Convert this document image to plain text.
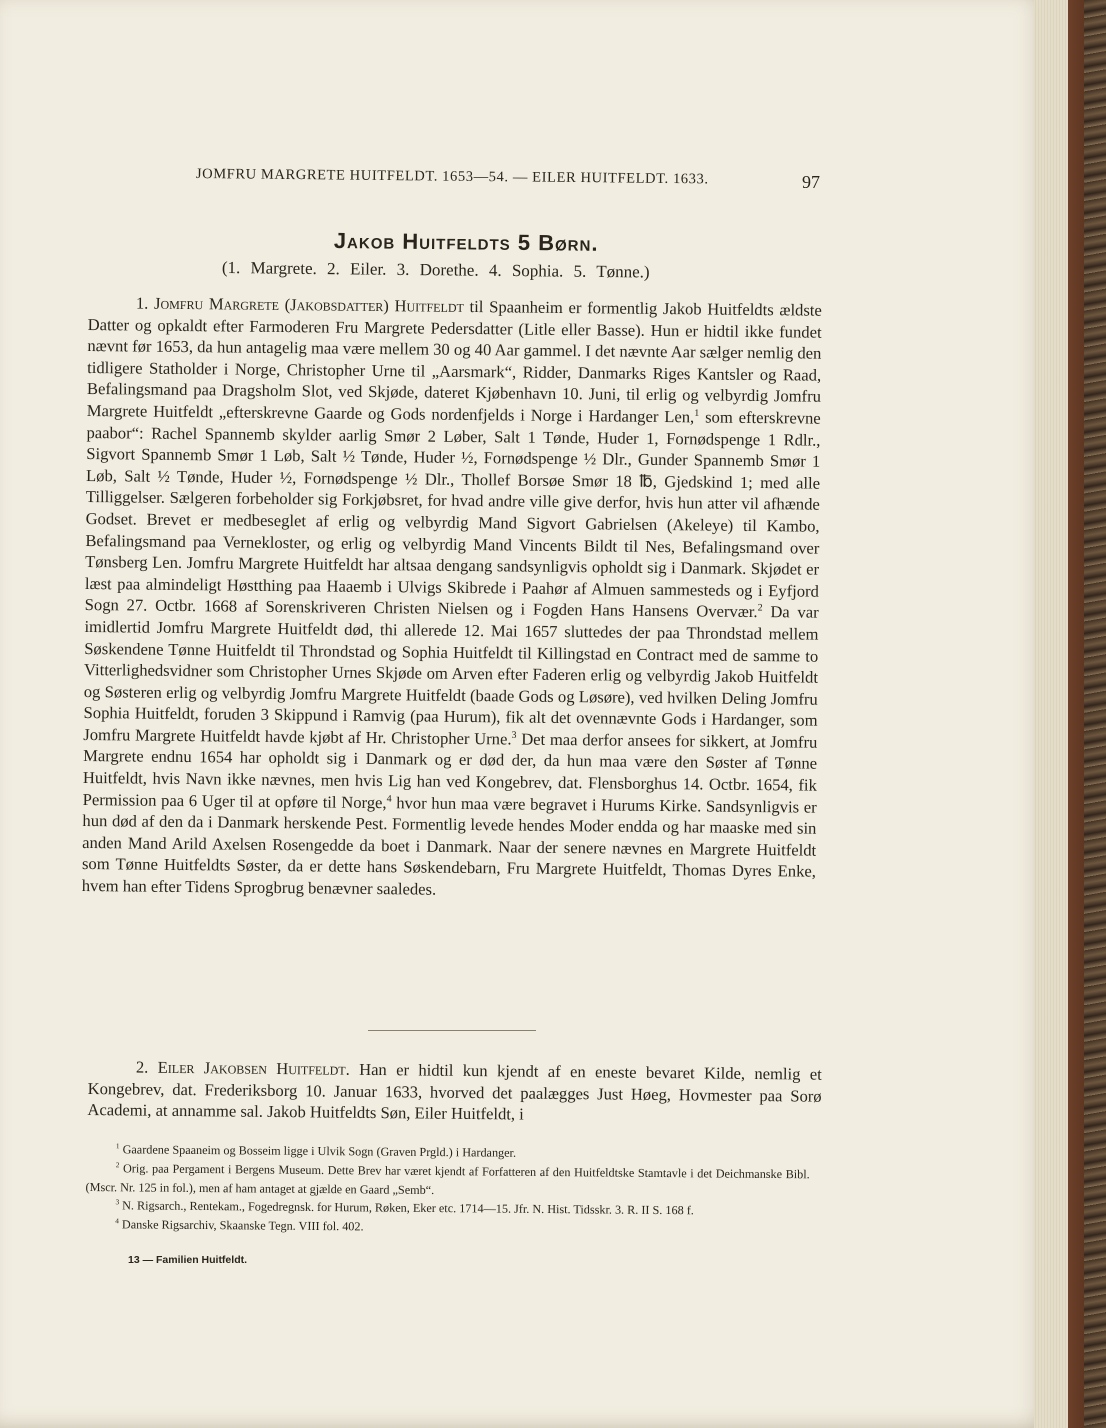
JOMFRU MARGRETE HUITFELDT. 1653—54. — EILER HUITFELDT. 1633.	97
Jakob Huitfeldts 5 Børn.
(1. Margrete. 2. Eiler. 3. Dorethe. 4. Sophia. 5. Tønne.)
1. Jomfru Margrete (Jakobsdatter) Huitfeldt til Spaanheim er formentlig Jakob Huitfeldts ældste Datter og opkaldt efter Farmoderen Fru Margrete Pedersdatter (Litle eller Basse). Hun er hidtil ikke fundet nævnt før 1653, da hun antagelig maa være mellem 30 og 40 Aar gammel. I det nævnte Aar sælger nemlig den tidligere Statholder i Norge, Christopher Urne til „Aarsmark“, Ridder, Danmarks Riges Kantsler og Raad, Befalingsmand paa Dragsholm Slot, ved Skjøde, dateret Kjøbenhavn 10. Juni, til erlig og velbyrdig Jomfru Margrete Huitfeldt „efterskrevne Gaarde og Gods nordenfjelds i Norge i Hardanger Len,$^1$ som efterskrevne paabor“: Rachel Spannemb skylder aarlig Smør 2 Løber, Salt 1 Tønde, Huder 1, Fornødspenge 1 Rdlr., Sigvort Spannemb Smør 1 Løb, Salt ½ Tønde, Huder ½, Fornødspenge ½ Dlr., Gunder Spannemb Smør 1 Løb, Salt ½ Tønde, Huder ½, Fornødspenge ½ Dlr., Thollef Borsøe Smør 18 ℔, Gjedskind 1; med alle Tilliggelser. Sælgeren forbeholder sig Forkjøbsret, for hvad andre ville give derfor, hvis hun atter vil afhænde Godset. Brevet er medbeseglet af erlig og velbyrdig Mand Sigvort Gabrielsen (Akeleye) til Kambo, Befalingsmand paa Vernekloster, og erlig og velbyrdig Mand Vincents Bildt til Nes, Befalingsmand over Tønsberg Len. Jomfru Margrete Huitfeldt har altsaa dengang sandsynligvis opholdt sig i Danmark. Skjødet er læst paa almindeligt Høstthing paa Haaemb i Ulvigs Skibrede i Paahør af Almuen sammesteds og i Eyfjord Sogn 27. Octbr. 1668 af Sorenskriveren Christen Nielsen og i Fogden Hans Hansens Overvær.$^2$ Da var imidlertid Jomfru Margrete Huitfeldt død, thi allerede 12. Mai 1657 sluttedes der paa Throndstad mellem Søskendene Tønne Huitfeldt til Throndstad og Sophia Huitfeldt til Killingstad en Contract med de samme to Vitterlighedsvidner som Christopher Urnes Skjøde om Arven efter Faderen erlig og velbyrdig Jakob Huitfeldt og Søsteren erlig og velbyrdig Jomfru Margrete Huitfeldt (baade Gods og Løsøre), ved hvilken Deling Jomfru Sophia Huitfeldt, foruden 3 Skippund i Ramvig (paa Hurum), fik alt det ovennævnte Gods i Hardanger, som Jomfru Margrete Huitfeldt havde kjøbt af Hr. Christopher Urne.$^3$ Det maa derfor ansees for sikkert, at Jomfru Margrete endnu 1654 har opholdt sig i Danmark og er død der, da hun maa være den Søster af Tønne Huitfeldt, hvis Navn ikke nævnes, men hvis Lig han ved Kongebrev, dat. Flensborghus 14. Octbr. 1654, fik Permission paa 6 Uger til at opføre til Norge,$^4$ hvor hun maa være begravet i Hurums Kirke. Sandsynligvis er hun død af den da i Danmark herskende Pest. Formentlig levede hendes Moder endda og har maaske med sin anden Mand Arild Axelsen Rosengedde da boet i Danmark. Naar der senere nævnes en Margrete Huitfeldt som Tønne Huitfeldts Søster, da er dette hans Søskendebarn, Fru Margrete Huitfeldt, Thomas Dyres Enke, hvem han efter Tidens Sprogbrug benævner saaledes.
2. Eiler Jakobsen Huitfeldt. Han er hidtil kun kjendt af en eneste bevaret Kilde, nemlig et Kongebrev, dat. Frederiksborg 10. Januar 1633, hvorved det paalægges Just Høeg, Hovmester paa Sorø Academi, at annamme sal. Jakob Huitfeldts Søn, Eiler Huitfeldt, i

$^1$ Gaardene Spaaneim og Bosseim ligge i Ulvik Sogn (Graven Prgld.) i Hardanger.

$^2$ Orig. paa Pergament i Bergens Museum. Dette Brev har været kjendt af Forfatteren af den Huitfeldtske Stamtavle i det Deichmanske Bibl. (Mscr. Nr. 125 in fol.), men af ham antaget at gjælde en Gaard „Semb“.

$^3$ N. Rigsarch., Rentekam., Fogedregnsk. for Hurum, Røken, Eker etc. 1714—15. Jfr. N. Hist. Tidsskr. 3. R. II S. 168 f.

$^4$ Danske Rigsarchiv, Skaanske Tegn. VIII fol. 402.

13 — Familien Huitfeldt.
